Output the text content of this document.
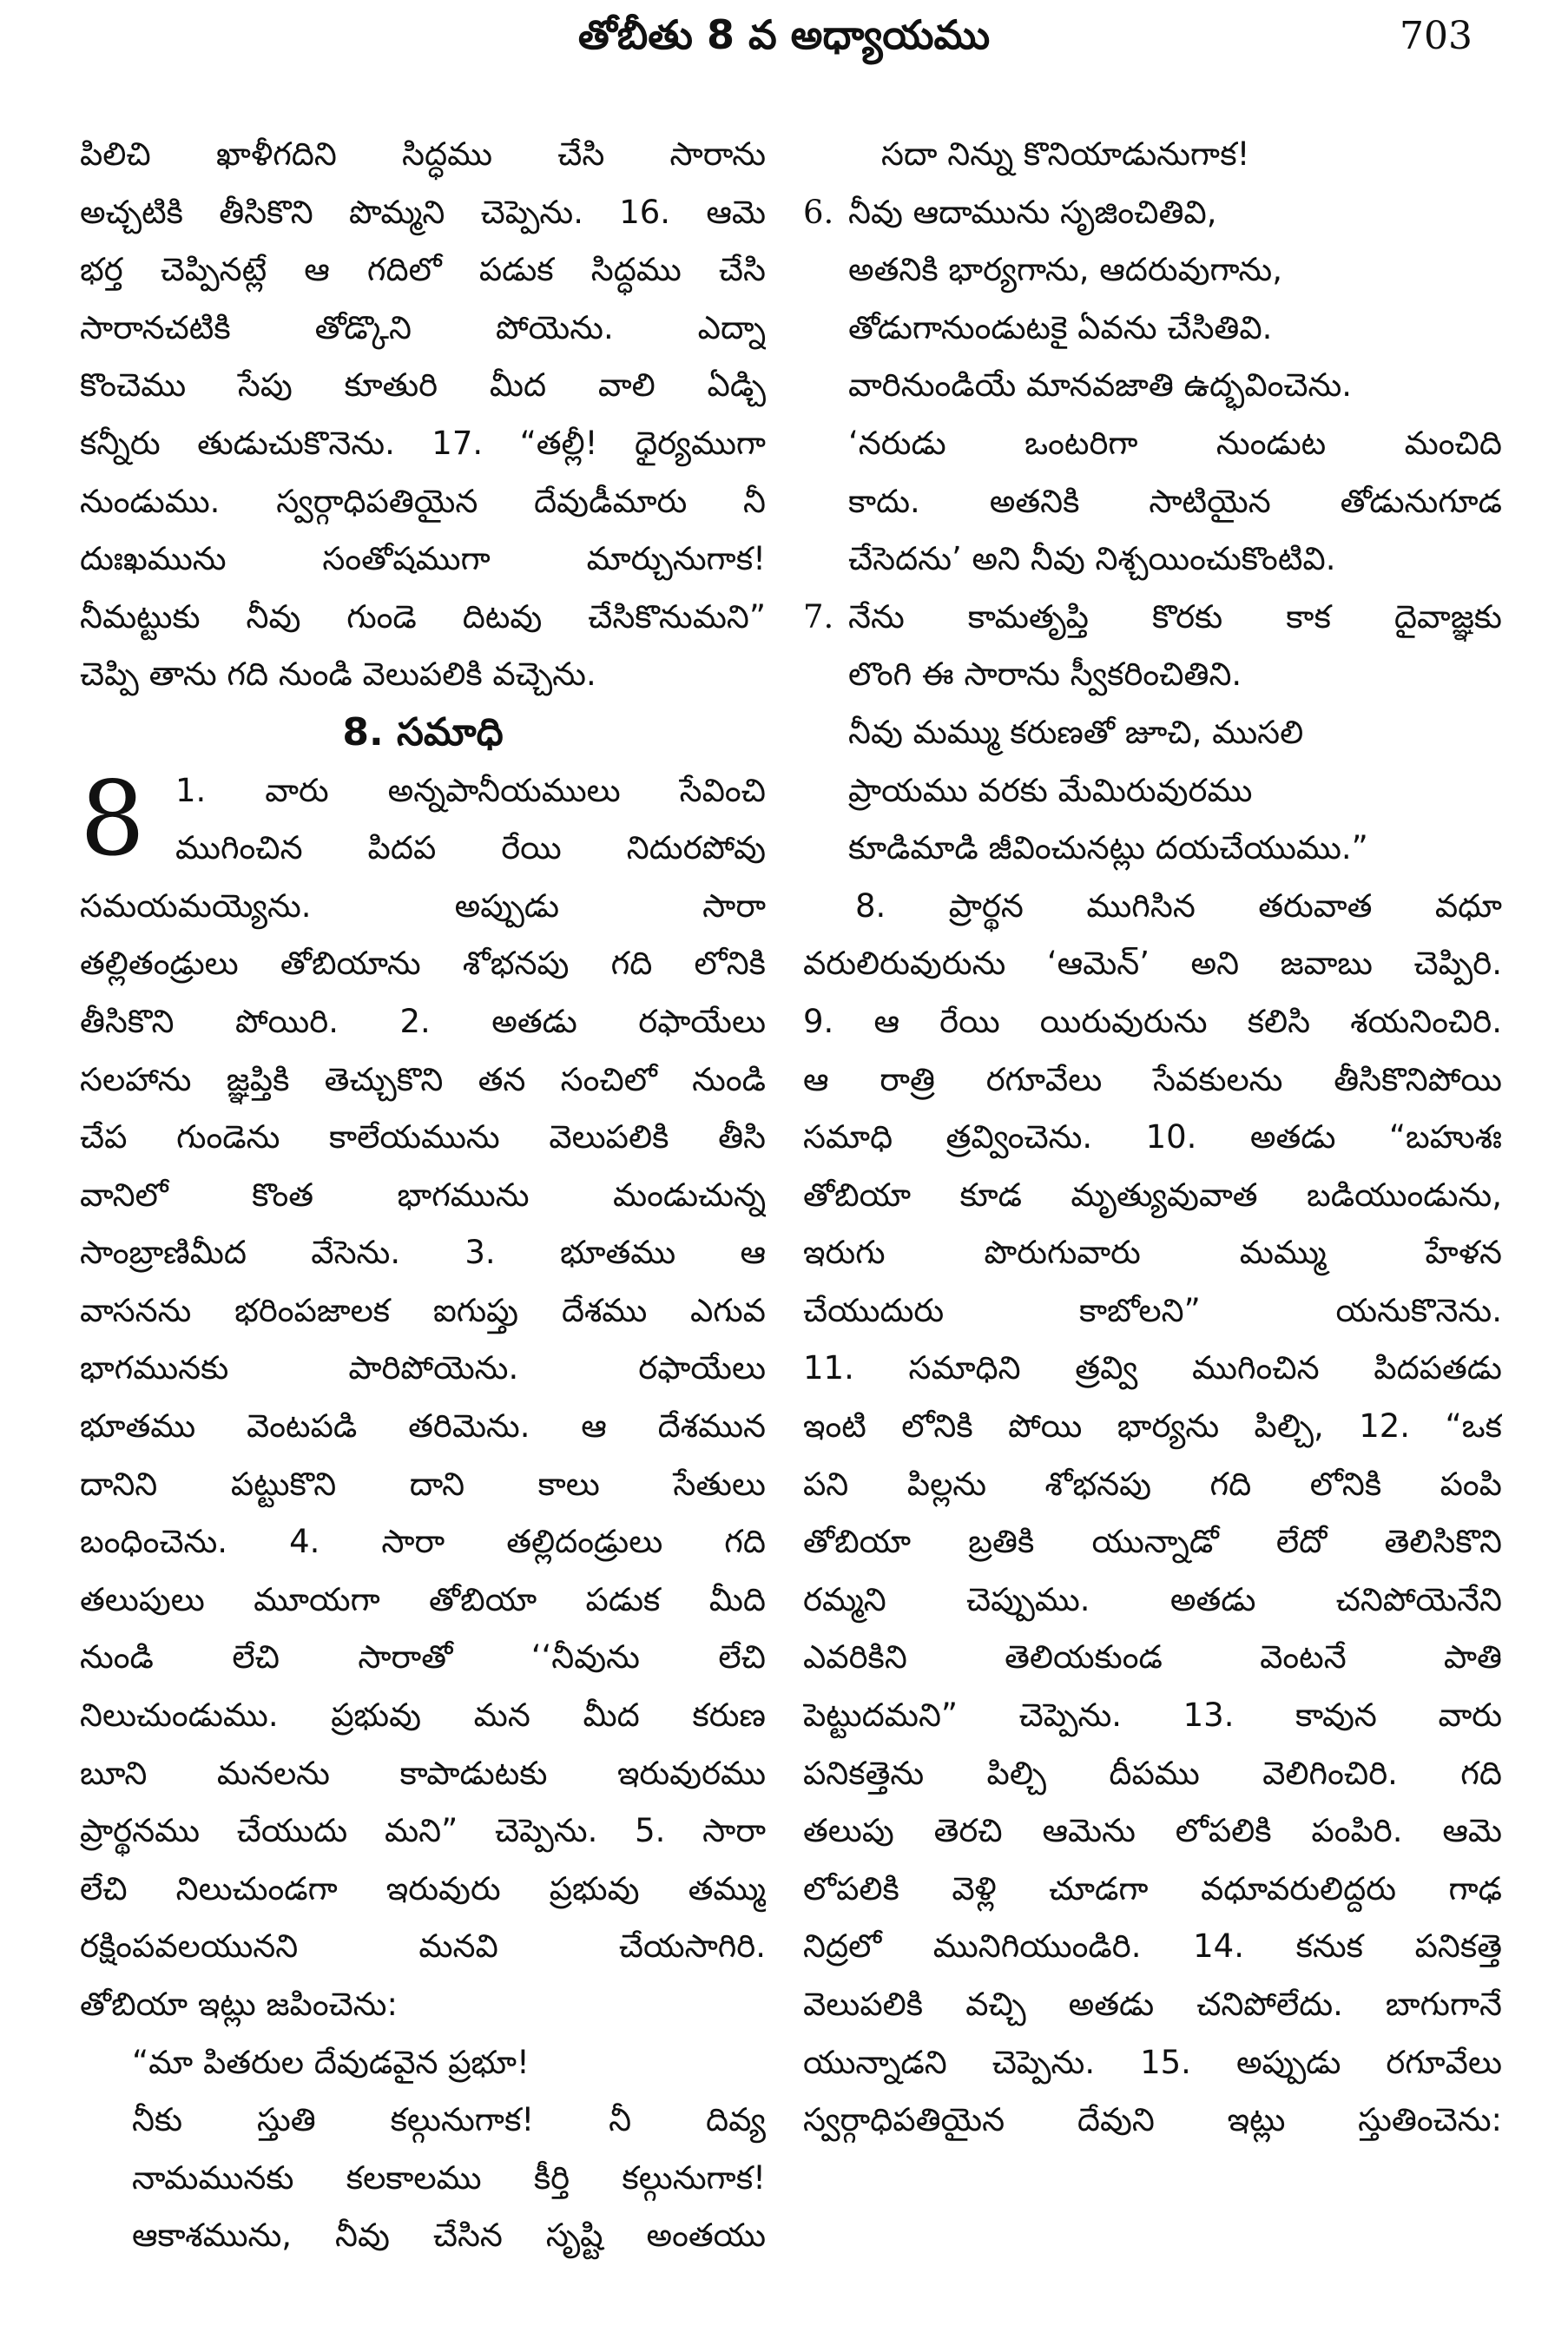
తోబీతు 8 వ అధ్యాయము	703
పిలిచి ఖాళీగదిని సిద్ధము చేసి సారాను
అచ్చటికి తీసికొని పొమ్మని చెప్పెను. 16. ఆమె
భర్త చెప్పినట్లే ఆ గదిలో పడుక సిద్ధము చేసి
సారానచటికి తోడ్కొని పోయెను. ఎద్నా
కొంచెము సేపు కూతురి మీద వాలి ఏడ్చి
కన్నీరు తుడుచుకొనెను. 17. “తల్లీ! ధైర్యముగా
నుండుము. స్వర్గాధిపతియైన దేవుడీమారు నీ
దుఃఖమును సంతోషముగా మార్చునుగాక!
నీమట్టుకు నీవు గుండె దిటవు చేసికొనుమని”
చెప్పి తాను గది నుండి వెలుపలికి వచ్చెను.
8. సమాధి
8 1. వారు అన్నపానీయములు సేవించి
ముగించిన పిదప రేయి నిదురపోవు
సమయమయ్యెను. అప్పుడు సారా
తల్లితండ్రులు తోబియాను శోభనపు గది లోనికి
తీసికొని పోయిరి. 2. అతడు రఫాయేలు
సలహాను జ్ఞప్తికి తెచ్చుకొని తన సంచిలో నుండి
చేప గుండెను కాలేయమును వెలుపలికి తీసి
వానిలో కొంత భాగమును మండుచున్న
సాంబ్రాణిమీద వేసెను. 3. భూతము ఆ
వాసనను భరింపజాలక ఐగుప్తు దేశము ఎగువ
భాగమునకు పారిపోయెను. రఫాయేలు
భూతము వెంటపడి తరిమెను. ఆ దేశమున
దానిని పట్టుకొని దాని కాలు సేతులు
బంధించెను. 4. సారా తల్లిదండ్రులు గది
తలుపులు మూయగా తోబియా పడుక మీది
నుండి లేచి సారాతో ‘‘నీవును లేచి
నిలుచుండుము. ప్రభువు మన మీద కరుణ
బూని మనలను కాపాడుటకు ఇరువురము
ప్రార్థనము చేయుదు మని” చెప్పెను. 5. సారా
లేచి నిలుచుండగా ఇరువురు ప్రభువు తమ్ము
రక్షింపవలయునని మనవి చేయసాగిరి.
తోబియా ఇట్లు జపించెను:
“మా పితరుల దేవుడవైన ప్రభూ!
నీకు స్తుతి కల్గునుగాక! నీ దివ్య
నామమునకు కలకాలము కీర్తి కల్గునుగాక!
ఆకాశమును, నీవు చేసిన సృష్టి అంతయు
సదా నిన్ను కొనియాడునుగాక!
6. నీవు ఆదామును సృజించితివి,
అతనికి భార్యగాను, ఆదరువుగాను,
తోడుగానుండుటకై ఏవను చేసితివి.
వారినుండియే మానవజాతి ఉద్భవించెను.
‘నరుడు ఒంటరిగా నుండుట మంచిది
కాదు. అతనికి సాటియైన తోడునుగూడ
చేసెదను’ అని నీవు నిశ్చయించుకొంటివి.
7. నేను కామతృప్తి కొరకు కాక దైవాజ్ఞకు
లొంగి ఈ సారాను స్వీకరించితిని.
నీవు మమ్ము కరుణతో జూచి, ముసలి
ప్రాయము వరకు మేమిరువురము
కూడిమాడి జీవించునట్లు దయచేయుము.”
8. ప్రార్థన ముగిసిన తరువాత వధూ
వరులిరువురును ‘ఆమెన్’ అని జవాబు చెప్పిరి.
9. ఆ రేయి యిరువురును కలిసి శయనించిరి.
ఆ రాత్రి రగూవేలు సేవకులను తీసికొనిపోయి
సమాధి త్రవ్వించెను. 10. అతడు “బహుశః
తోబియా కూడ మృత్యువువాత బడియుండును,
ఇరుగు పొరుగువారు మమ్ము హేళన
చేయుదురు కాబోలని” యనుకొనెను.
11. సమాధిని త్రవ్వి ముగించిన పిదపతడు
ఇంటి లోనికి పోయి భార్యను పిల్చి, 12. “ఒక
పని పిల్లను శోభనపు గది లోనికి పంపి
తోబియా బ్రతికి యున్నాడో లేదో తెలిసికొని
రమ్మని చెప్పుము. అతడు చనిపోయెనేని
ఎవరికిని తెలియకుండ వెంటనే పాతి
పెట్టుదమని” చెప్పెను. 13. కావున వారు
పనికత్తెను పిల్చి దీపము వెలిగించిరి. గది
తలుపు తెరచి ఆమెను లోపలికి పంపిరి. ఆమె
లోపలికి వెళ్లి చూడగా వధూవరులిద్దరు గాఢ
నిద్రలో మునిగియుండిరి. 14. కనుక పనికత్తె
వెలుపలికి వచ్చి అతడు చనిపోలేదు. బాగుగానే
యున్నాడని చెప్పెను. 15. అప్పుడు రగూవేలు
స్వర్గాధిపతియైన దేవుని ఇట్లు స్తుతించెను:
